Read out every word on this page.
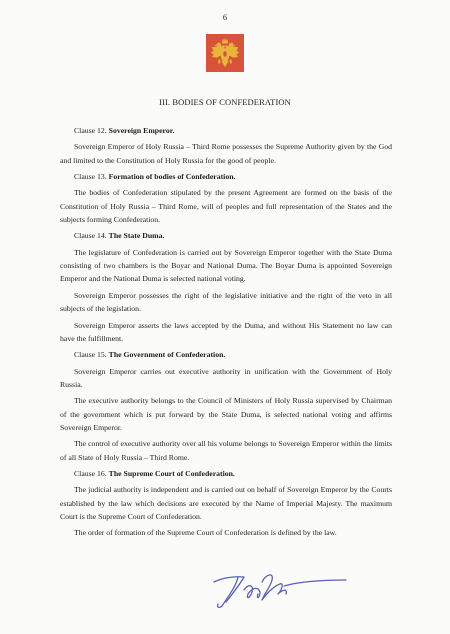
6
III. BODIES OF CONFEDERATION

Clause 12. Sovereign Emperor.

Sovereign Emperor of Holy Russia – Third Rome possesses the Supreme Authority given by the God and limited to the Constitution of Holy Russia for the good of people.

Clause 13. Formation of bodies of Confederation.

The bodies of Confederation stipulated by the present Agreement are formed on the basis of the Constitution of Holy Russia – Third Rome, will of peoples and full representation of the States and the subjects forming Confederation.

Clause 14. The State Duma.

The legislature of Confederation is carried out by Sovereign Emperor together with the State Duma consisting of two chambers is the Boyar and National Duma. The Boyar Duma is appointed Sovereign Emperor and the National Duma is selected national voting.

Sovereign Emperor possesses the right of the legislative initiative and the right of the veto in all subjects of the legislation.

Sovereign Emperor asserts the laws accepted by the Duma, and without His Statement no law can have the fulfillment.

Clause 15. The Government of Confederation.

Sovereign Emperor carries out executive authority in unification with the Government of Holy Russia.

The executive authority belongs to the Council of Ministers of Holy Russia supervised by Chairman of the government which is put forward by the State Duma, is selected national voting and affirms Sovereign Emperor.

The control of executive authority over all his volume belongs to Sovereign Emperor within the limits of all State of Holy Russia – Third Rome.

Clause 16. The Supreme Court of Confederation.

The judicial authority is independent and is carried out on behalf of Sovereign Emperor by the Courts established by the law which decisions are executed by the Name of Imperial Majesty. The maximum Court is the Supreme Court of Confederation.

The order of formation of the Supreme Court of Confederation is defined by the law.
